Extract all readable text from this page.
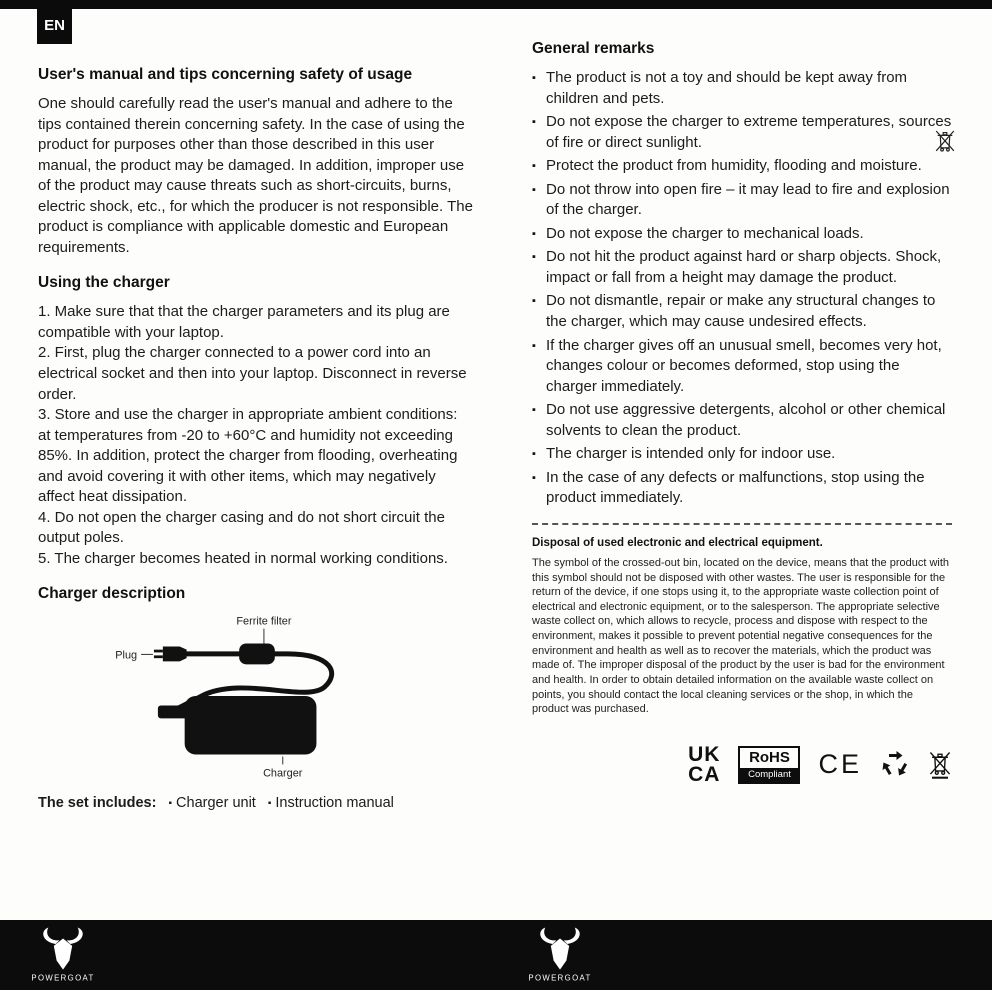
EN
User's manual and tips concerning safety of usage

One should carefully read the user's manual and adhere to the tips contained therein concerning safety. In the case of using the product for purposes other than those described in this user manual, the product may be damaged. In addition, improper use of the product may cause threats such as short-circuits, burns, electric shock, etc., for which the producer is not responsible. The product is compliance with applicable domestic and European requirements.

Using the charger

1. Make sure that that the charger parameters and its plug are compatible with your laptop.

2. First, plug the charger connected to a power cord into an electrical socket and then into your laptop. Disconnect in reverse order.

3. Store and use the charger in appropriate ambient conditions: at temperatures from -20 to +60°C and humidity not exceeding 85%. In addition, protect the charger from flooding, overheating and avoid covering it with other items, which may negatively affect heat dissipation.

4. Do not open the charger casing and do not short circuit the output poles.

5. The charger becomes heated in normal working conditions.

Charger description
Ferrite filter
Plug
Charger

The set includes: ▪ Charger unit ▪ Instruction manual

General remarks
▪ The product is not a toy and should be kept away from children and pets.
▪ Do not expose the charger to extreme temperatures, sources of fire or direct sunlight.
▪ Protect the product from humidity, flooding and moisture.
▪ Do not throw into open fire – it may lead to fire and explosion of the charger.
▪ Do not expose the charger to mechanical loads.
▪ Do not hit the product against hard or sharp objects. Shock, impact or fall from a height may damage the product.
▪ Do not dismantle, repair or make any structural changes to the charger, which may cause undesired effects.
▪ If the charger gives off an unusual smell, becomes very hot, changes colour or becomes deformed, stop using the charger immediately.
▪ Do not use aggressive detergents, alcohol or other chemical solvents to clean the product.
▪ The charger is intended only for indoor use.
▪ In the case of any defects or malfunctions, stop using the product immediately.
Disposal of used electronic and electrical equipment.

The symbol of the crossed-out bin, located on the device, means that the product with this symbol should not be disposed with other wastes. The user is responsible for the return of the device, if one stops using it, to the appropriate waste collection point of electrical and electronic equipment, or to the salesperson. The appropriate selective waste collect on, which allows to recycle, process and dispose with respect to the environment, makes it possible to prevent potential negative consequences for the environment and health as well as to recover the materials, which the product was made of. The improper disposal of the product by the user is bad for the environment and health. In order to obtain detailed information on the available waste collect on points, you should contact the local cleaning services or the shop, in which the product was purchased.

UK
CA
RoHS
Compliant CE
POWERGOAT	POWERGOAT
